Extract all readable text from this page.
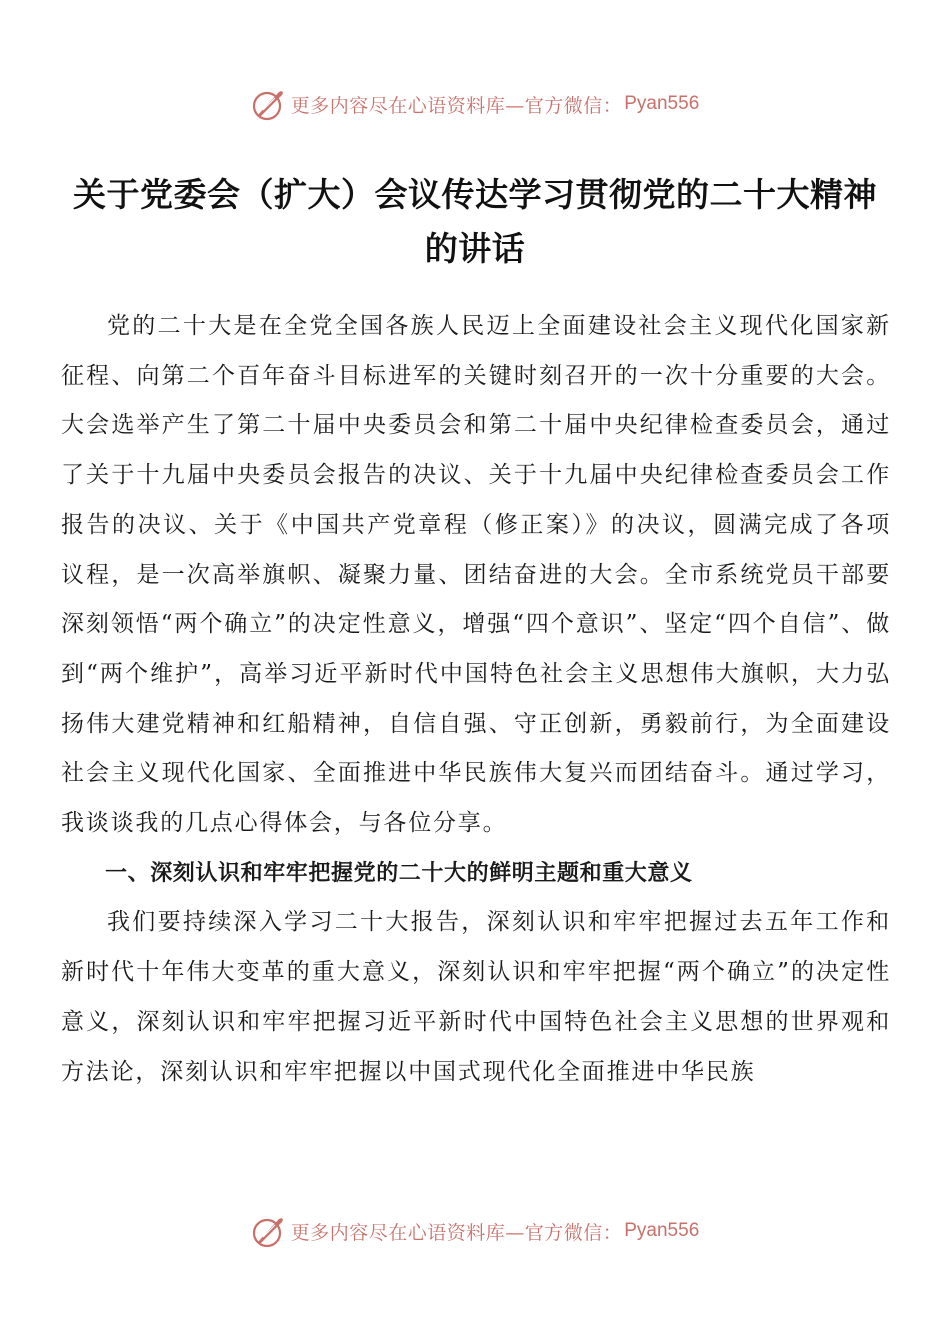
更多内容尽在心语资料库—官方微信： Pyan556
关于党委会（扩大）会议传达学习贯彻党的二十大精神的讲话

党的二十大是在全党全国各族人民迈上全面建设社会主义现代化国家新征程、向第二个百年奋斗目标进军的关键时刻召开的一次十分重要的大会。大会选举产生了第二十届中央委员会和第二十届中央纪律检查委员会，通过了关于十九届中央委员会报告的决议、关于十九届中央纪律检查委员会工作报告的决议、关于《中国共产党章程（修正案）》的决议，圆满完成了各项议程，是一次高举旗帜、凝聚力量、团结奋进的大会。全市系统党员干部要深刻领悟“两个确立”的决定性意义，增强“四个意识”、坚定“四个自信”、做到“两个维护”，高举习近平新时代中国特色社会主义思想伟大旗帜，大力弘扬伟大建党精神和红船精神，自信自强、守正创新，勇毅前行，为全面建设社会主义现代化国家、全面推进中华民族伟大复兴而团结奋斗。通过学习，我谈谈我的几点心得体会，与各位分享。

一、深刻认识和牢牢把握党的二十大的鲜明主题和重大意义

我们要持续深入学习二十大报告，深刻认识和牢牢把握过去五年工作和新时代十年伟大变革的重大意义，深刻认识和牢牢把握“两个确立”的决定性意义，深刻认识和牢牢把握习近平新时代中国特色社会主义思想的世界观和方法论，深刻认识和牢牢把握以中国式现代化全面推进中华民族

更多内容尽在心语资料库—官方微信： Pyan556
